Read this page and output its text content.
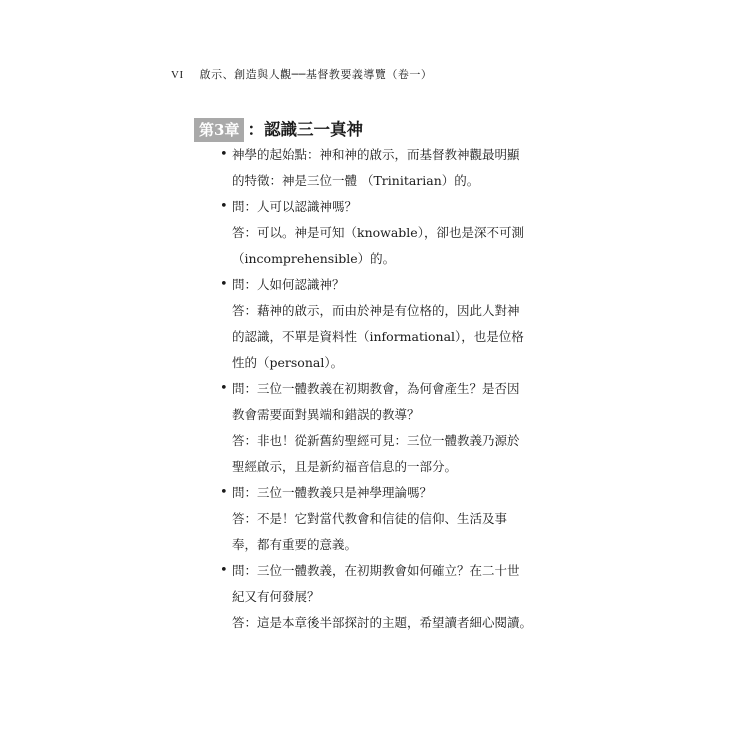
VI 啟示、創造與人觀──基督教要義導覽（卷一）
第3章 ：認識三一真神
• 神學的起始點：神和神的啟示，而基督教神觀最明顯
的特徵：神是三位一體 （Trinitarian）的。
• 問：人可以認識神嗎？
答：可以。神是可知（knowable），卻也是深不可測
（incomprehensible）的。
• 問：人如何認識神？
答：藉神的啟示，而由於神是有位格的，因此人對神
的認識，不單是資料性（informational），也是位格
性的（personal）。
• 問：三位一體教義在初期教會，為何會產生？是否因
教會需要面對異端和錯誤的教導？
答：非也！從新舊約聖經可見：三位一體教義乃源於
聖經啟示，且是新約福音信息的一部分。
• 問：三位一體教義只是神學理論嗎？
答：不是！它對當代教會和信徒的信仰、生活及事
奉，都有重要的意義。
• 問：三位一體教義，在初期教會如何確立？在二十世
紀又有何發展？
答：這是本章後半部探討的主題，希望讀者細心閱讀。
